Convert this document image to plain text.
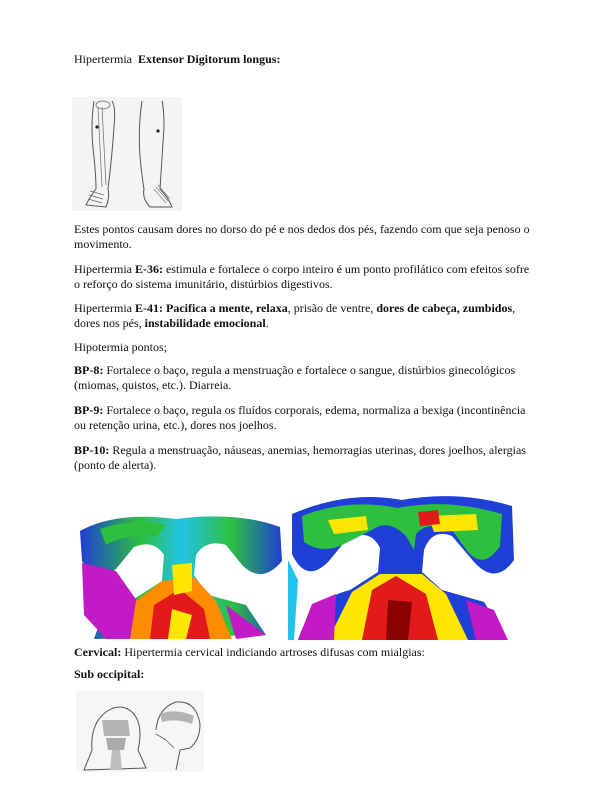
Hipertermia Extensor Digitorum longus:

Estes pontos causam dores no dorso do pé e nos dedos dos pés, fazendo com que seja penoso o movimento.

Hipertermia E-36: estimula e fortalece o corpo inteiro é um ponto profilático com efeitos sofre o reforço do sistema imunitário, distúrbios digestivos.

Hipertermia E-41: Pacifica a mente, relaxa, prisão de ventre, dores de cabeça, zumbidos, dores nos pés, instabilidade emocional.

Hipotermia pontos;

BP-8: Fortalece o baço, regula a menstruação e fortalece o sangue, distúrbios ginecológicos (miomas, quistos, etc.). Diarreia.

BP-9: Fortalece o baço, regula os fluídos corporais, edema, normaliza a bexiga (incontinência ou retenção urina, etc.), dores nos joelhos.

BP-10: Regula a menstruação, náuseas, anemias, hemorragias uterinas, dores joelhos, alergias (ponto de alerta).

Cervical: Hipertermia cervical indiciando artroses difusas com mialgias:

Sub occipital:
